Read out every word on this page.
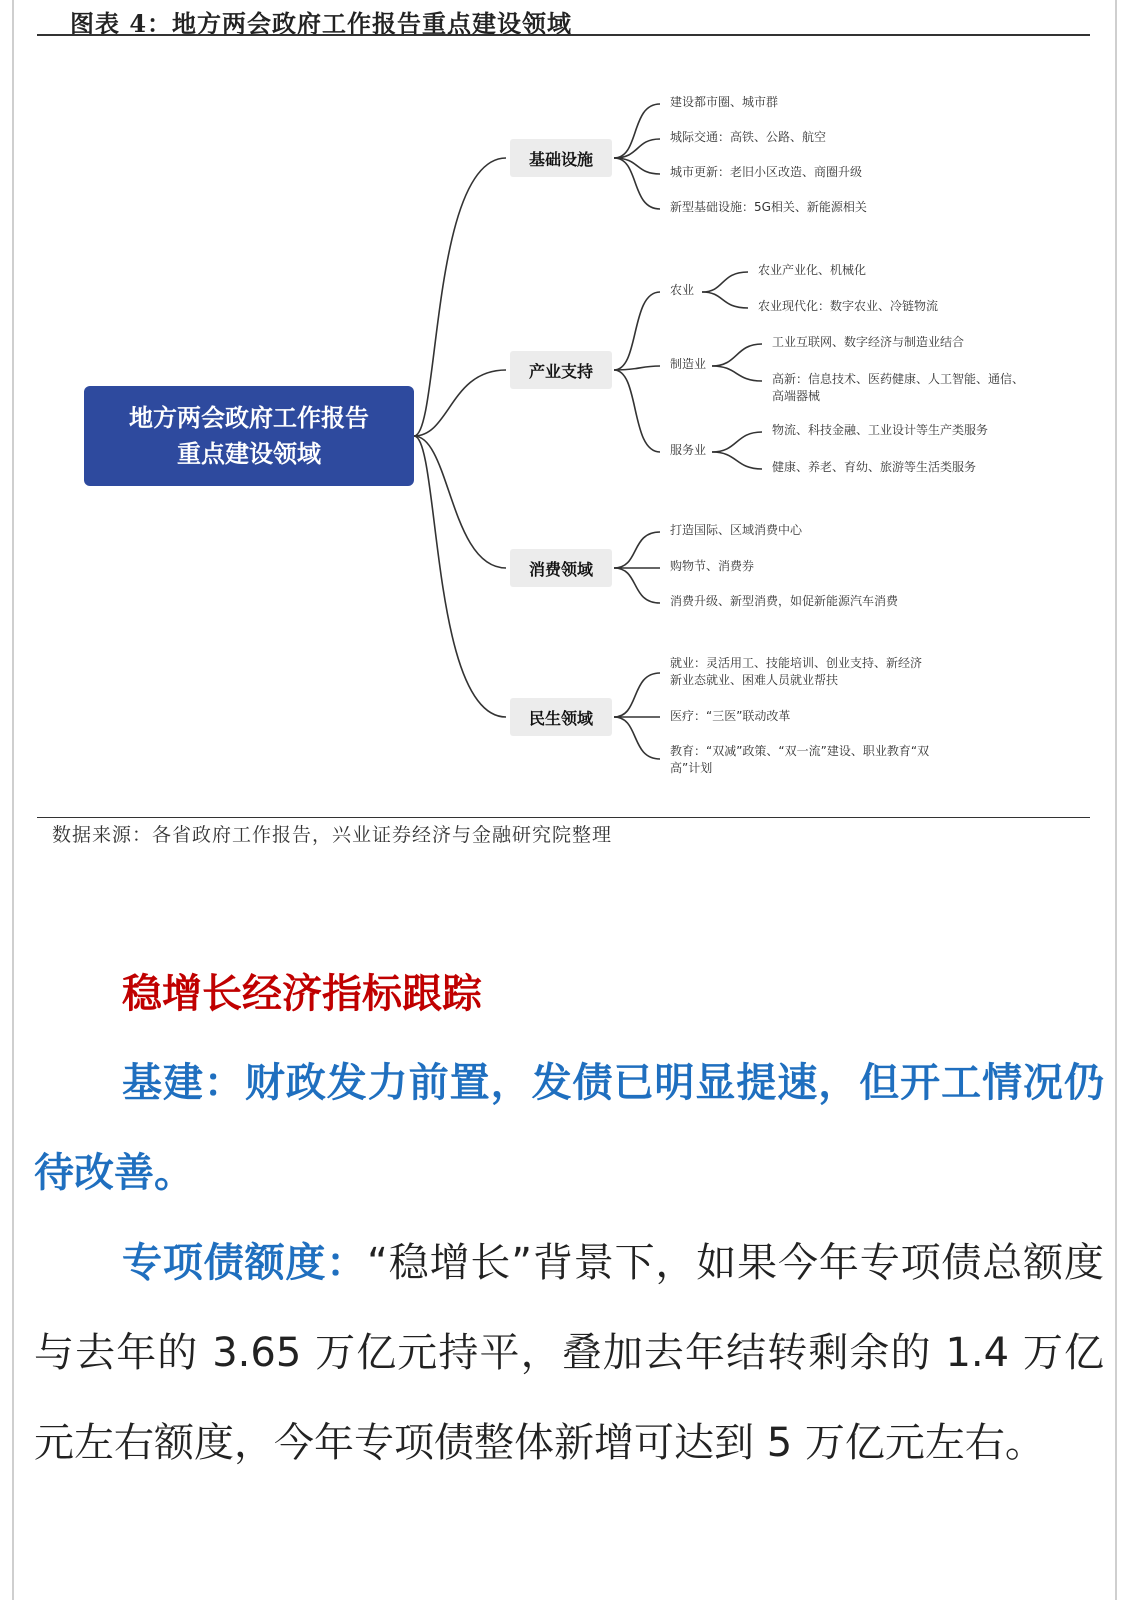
图表 4：地方两会政府工作报告重点建设领域
地方两会政府工作报告
重点建设领域
基础设施
建设都市圈、城市群
城际交通：高铁、公路、航空
城市更新：老旧小区改造、商圈升级
新型基础设施：5G相关、新能源相关
产业支持
农业
农业产业化、机械化
农业现代化：数字农业、冷链物流
制造业
工业互联网、数字经济与制造业结合
高新：信息技术、医药健康、人工智能、通信、
高端器械
服务业
物流、科技金融、工业设计等生产类服务
健康、养老、育幼、旅游等生活类服务
消费领域
打造国际、区域消费中心
购物节、消费券
消费升级、新型消费，如促新能源汽车消费
民生领域
就业：灵活用工、技能培训、创业支持、新经济
新业态就业、困难人员就业帮扶
医疗：“三医”联动改革
教育：“双减”政策、“双一流”建设、职业教育“双
高”计划
数据来源：各省政府工作报告，兴业证券经济与金融研究院整理
稳增长经济指标跟踪
基建：财政发力前置，发债已明显提速，但开工情况仍待改善。
专项债额度：“稳增长”背景下，如果今年专项债总额度与去年的 3.65 万亿元持平，叠加去年结转剩余的 1.4 万亿元左右额度，今年专项债整体新增可达到 5 万亿元左右。
